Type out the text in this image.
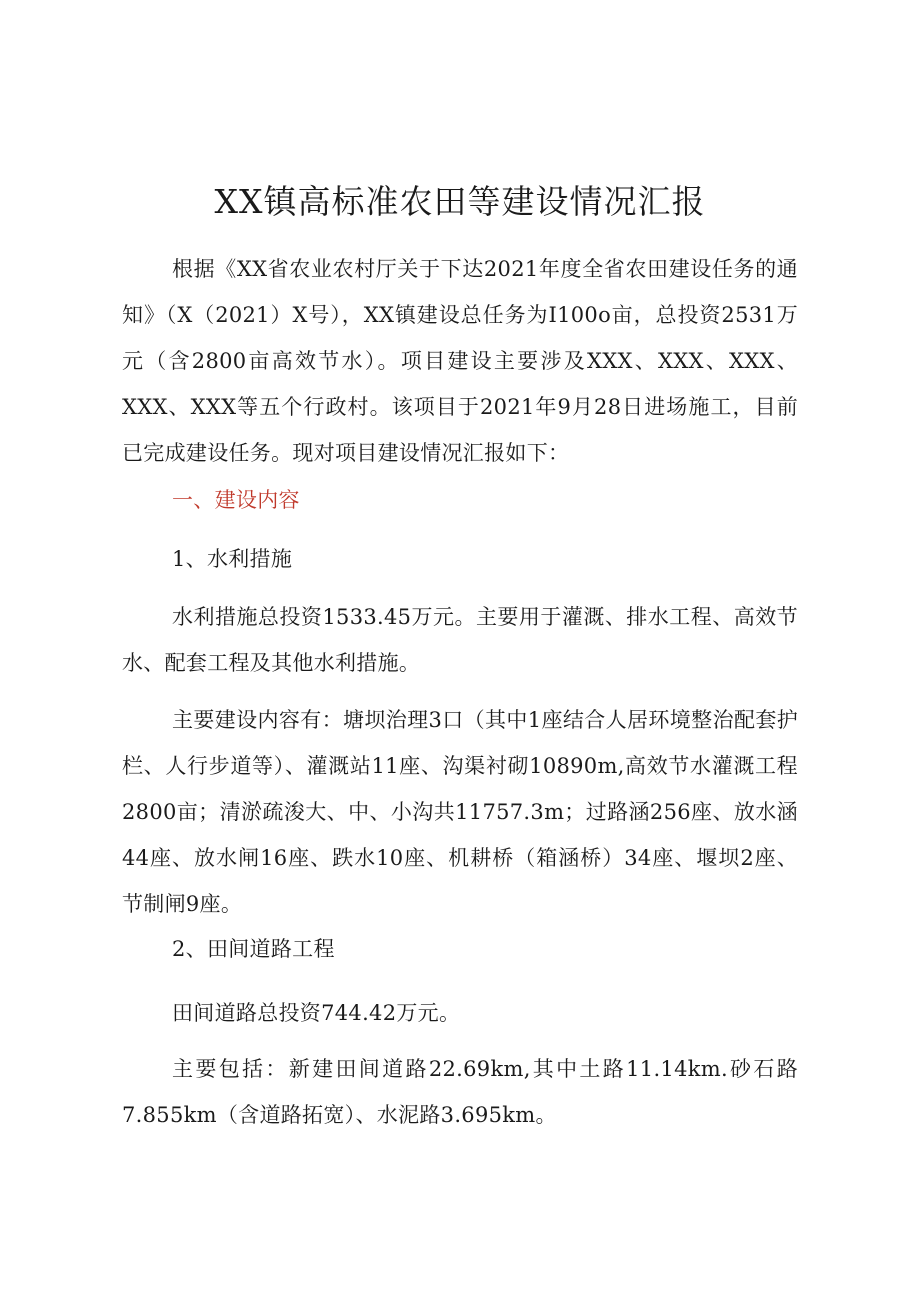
XX镇高标准农田等建设情况汇报

根据《XX省农业农村厅关于下达2021年度全省农田建设任务的通知》（X（2021）X号），XX镇建设总任务为I100o亩，总投资2531万元（含2800亩高效节水）。项目建设主要涉及XXX、XXX、XXX、XXX、XXX等五个行政村。该项目于2021年9月28日进场施工，目前已完成建设任务。现对项目建设情况汇报如下：

一、建设内容

1、水利措施

水利措施总投资1533.45万元。主要用于灌溉、排水工程、高效节水、配套工程及其他水利措施。

主要建设内容有：塘坝治理3口（其中1座结合人居环境整治配套护栏、人行步道等）、灌溉站11座、沟渠衬砌10890m,高效节水灌溉工程2800亩；清淤疏浚大、中、小沟共11757.3m；过路涵256座、放水涵44座、放水闸16座、跌水10座、机耕桥（箱涵桥）34座、堰坝2座、节制闸9座。

2、田间道路工程

田间道路总投资744.42万元。

主要包括：新建田间道路22.69km,其中土路11.14km.砂石路7.855km（含道路拓宽）、水泥路3.695km。
